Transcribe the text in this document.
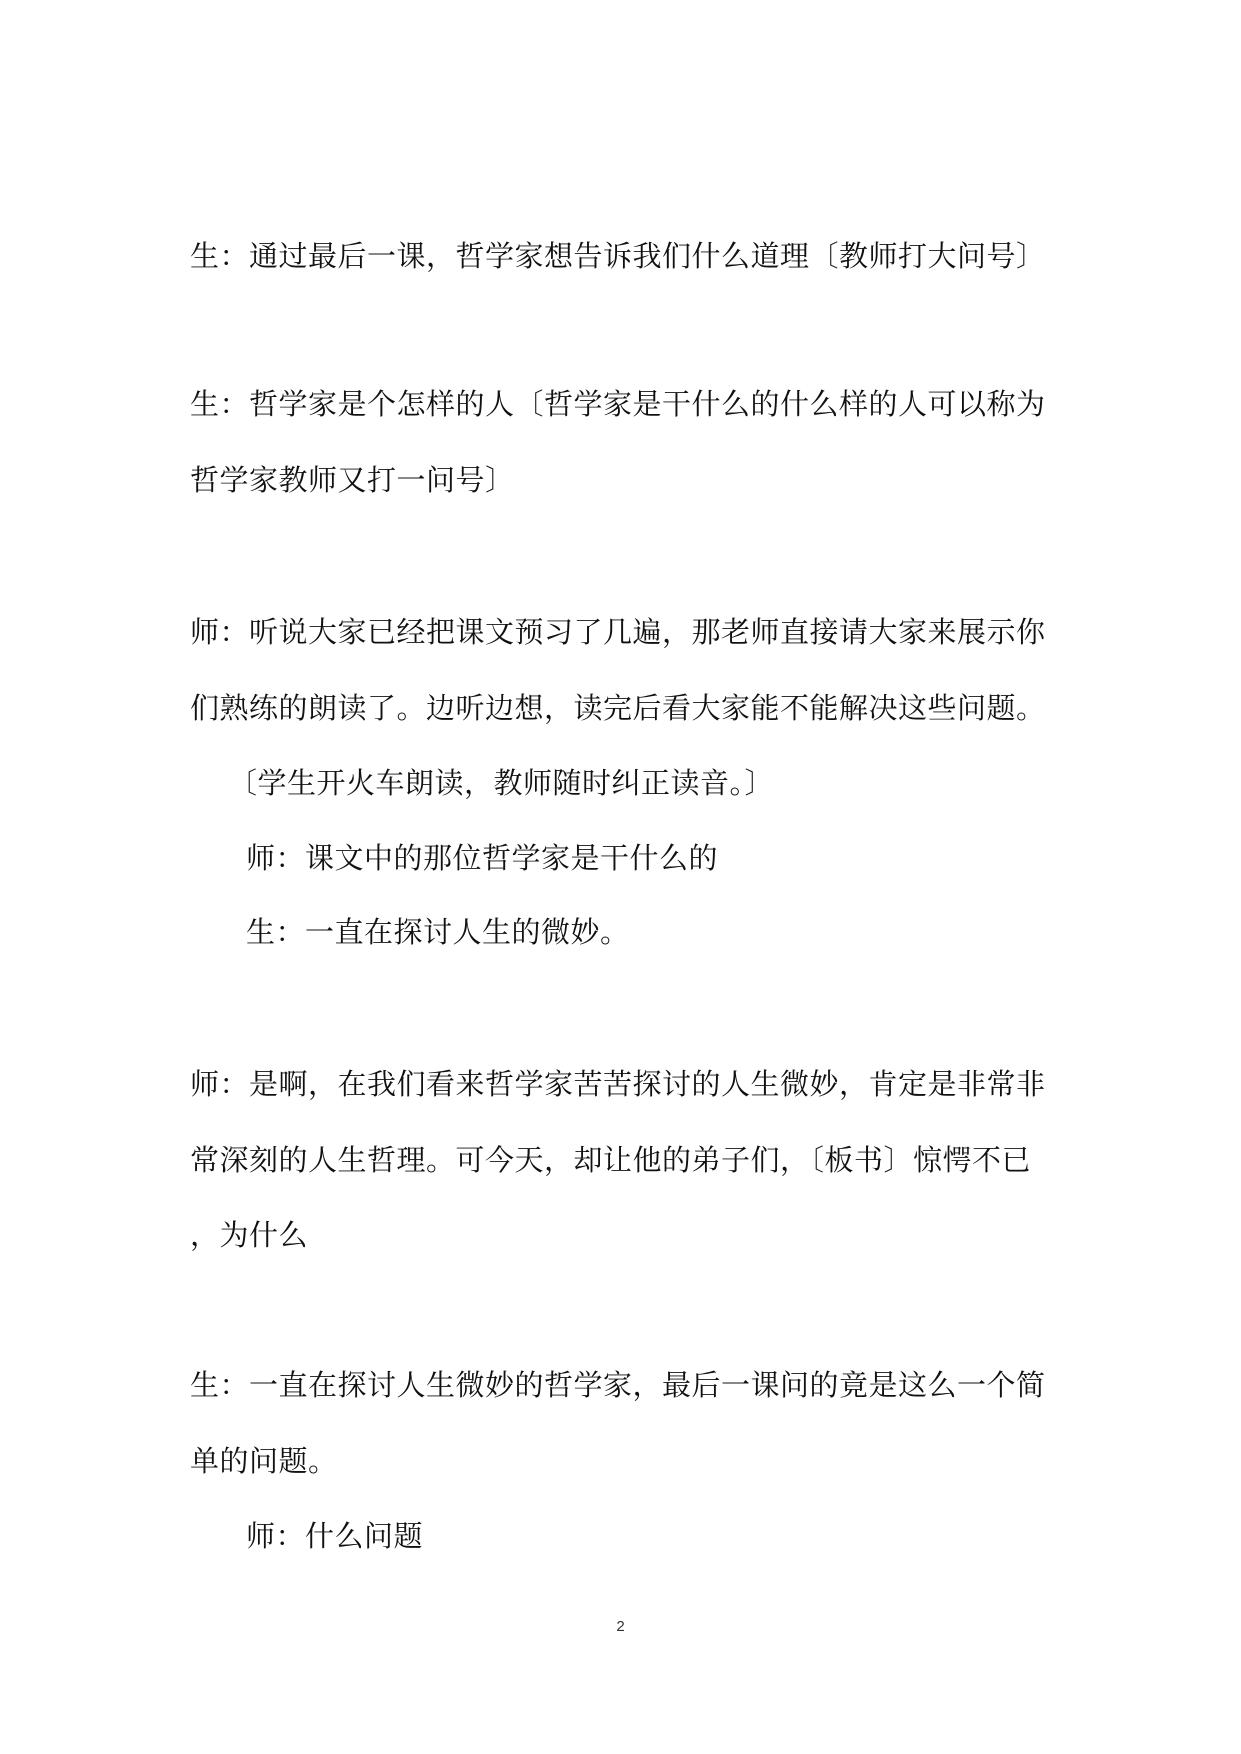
生：通过最后一课，哲学家想告诉我们什么道理〔教师打大问号〕
生：哲学家是个怎样的人〔哲学家是干什么的什么样的人可以称为
哲学家教师又打一问号〕
师：听说大家已经把课文预习了几遍，那老师直接请大家来展示你
们熟练的朗读了。边听边想，读完后看大家能不能解决这些问题。
〔学生开火车朗读，教师随时纠正读音。〕
师：课文中的那位哲学家是干什么的
生：一直在探讨人生的微妙。
师：是啊，在我们看来哲学家苦苦探讨的人生微妙，肯定是非常非
常深刻的人生哲理。可今天，却让他的弟子们，〔板书〕惊愕不已
，为什么
生：一直在探讨人生微妙的哲学家，最后一课问的竟是这么一个简
单的问题。
师：什么问题
2
